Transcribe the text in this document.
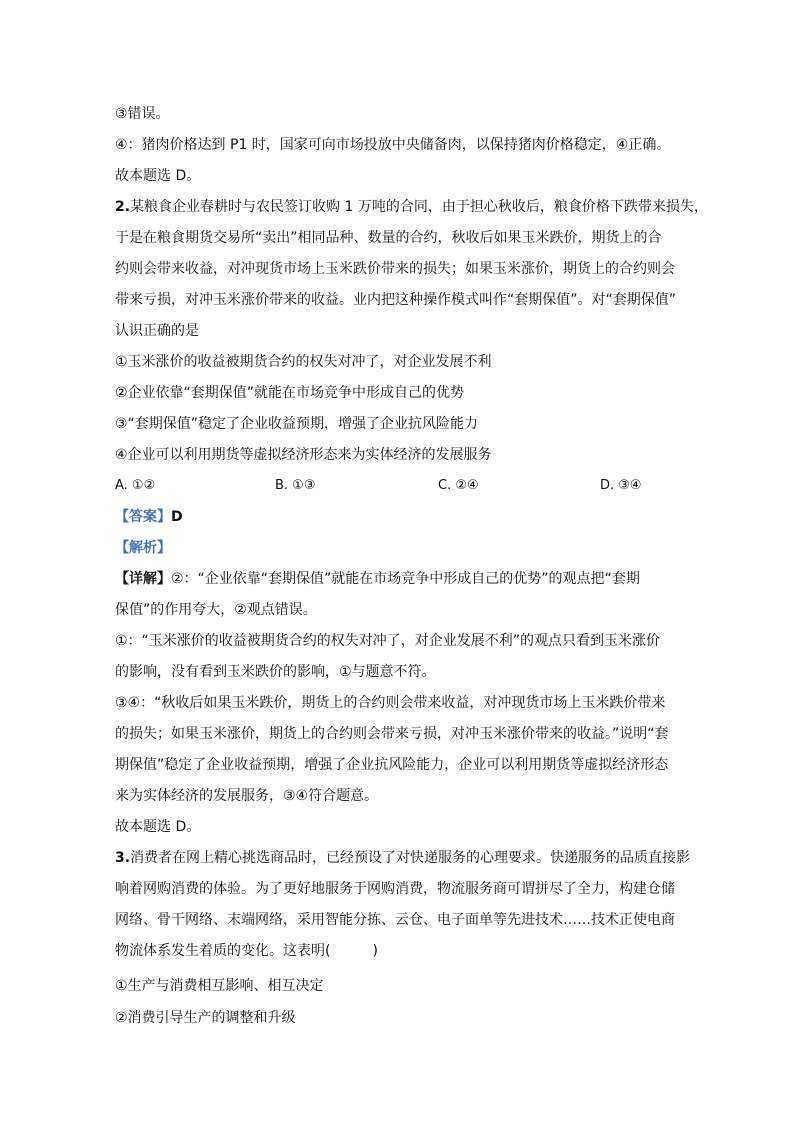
③错误。
④：猪肉价格达到 P1 时，国家可向市场投放中央储备肉，以保持猪肉价格稳定，④正确。
故本题选 D。
2.某粮食企业春耕时与农民签订收购 1 万吨的合同，由于担心秋收后，粮食价格下跌带来损失，
于是在粮食期货交易所“卖出”相同品种、数量的合约，秋收后如果玉米跌价，期货上的合
约则会带来收益，对冲现货市场上玉米跌价带来的损失；如果玉米涨价，期货上的合约则会
带来亏损，对冲玉米涨价带来的收益。业内把这种操作模式叫作“套期保值”。对“套期保值”
认识正确的是
①玉米涨价的收益被期货合约的权失对冲了，对企业发展不利
②企业依靠“套期保值”就能在市场竞争中形成自己的优势
③“套期保值”稳定了企业收益预期，增强了企业抗风险能力
④企业可以利用期货等虚拟经济形态来为实体经济的发展服务
A. ①②	B. ①③	C. ②④	D. ③④
【答案】D
【解析】
【详解】②：“企业依靠“套期保值”就能在市场竞争中形成自己的优势”的观点把“套期
保值”的作用夸大，②观点错误。
①：“玉米涨价的收益被期货合约的权失对冲了，对企业发展不利”的观点只看到玉米涨价
的影响，没有看到玉米跌价的影响，①与题意不符。
③④：“秋收后如果玉米跌价，期货上的合约则会带来收益，对冲现货市场上玉米跌价带来
的损失；如果玉米涨价，期货上的合约则会带来亏损，对冲玉米涨价带来的收益。”说明“套
期保值”稳定了企业收益预期，增强了企业抗风险能力，企业可以利用期货等虚拟经济形态
来为实体经济的发展服务，③④符合题意。
故本题选 D。
3.消费者在网上精心挑选商品时，已经预设了对快递服务的心理要求。快递服务的品质直接影
响着网购消费的体验。为了更好地服务于网购消费，物流服务商可谓拼尽了全力，构建仓储
网络、骨干网络、末端网络，采用智能分拣、云仓、电子面单等先进技术……技术正使电商
物流体系发生着质的变化。这表明(	)
①生产与消费相互影响、相互决定
②消费引导生产的调整和升级
